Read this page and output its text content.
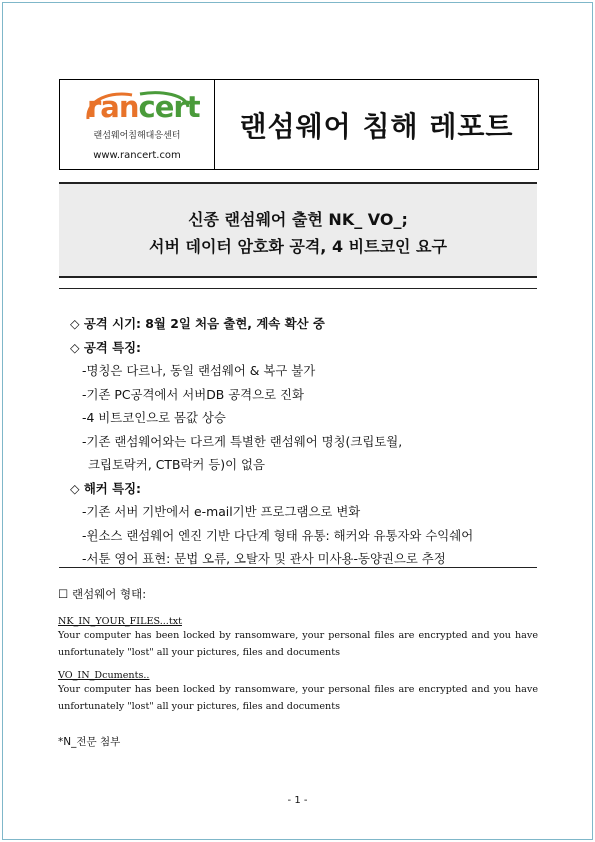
rancert
랜섬웨어침해대응센터
www.rancert.com
랜섬웨어 침해 레포트
신종 랜섬웨어 출현 NK_ VO_;
서버 데이터 암호화 공격, 4 비트코인 요구
◇ 공격 시기: 8월 2일 처음 출현, 계속 확산 중
◇ 공격 특징:
-명칭은 다르나, 동일 랜섬웨어 & 복구 불가
-기존 PC공격에서 서버DB 공격으로 진화
-4 비트코인으로 몸값 상승
-기존 랜섬웨어와는 다르게 특별한 랜섬웨어 명칭(크립토월,
크립토락커, CTB락커 등)이 없음
◇ 해커 특징:
-기존 서버 기반에서 e-mail기반 프로그램으로 변화
-윈소스 랜섬웨어 엔진 기반 다단계 형태 유통: 해커와 유통자와 수익쉐어
-서툰 영어 표현: 문법 오류, 오탈자 및 관사 미사용-동양권으로 추정
☐ 랜섬웨어 형태:
NK_IN_YOUR_FILES...txt
Your computer has been locked by ransomware, your personal files are encrypted and you have unfortunately "lost" all your pictures, files and documents
VO_IN_Dcuments..
Your computer has been locked by ransomware, your personal files are encrypted and you have unfortunately "lost" all your pictures, files and documents
*N_전문 첨부
- 1 -
